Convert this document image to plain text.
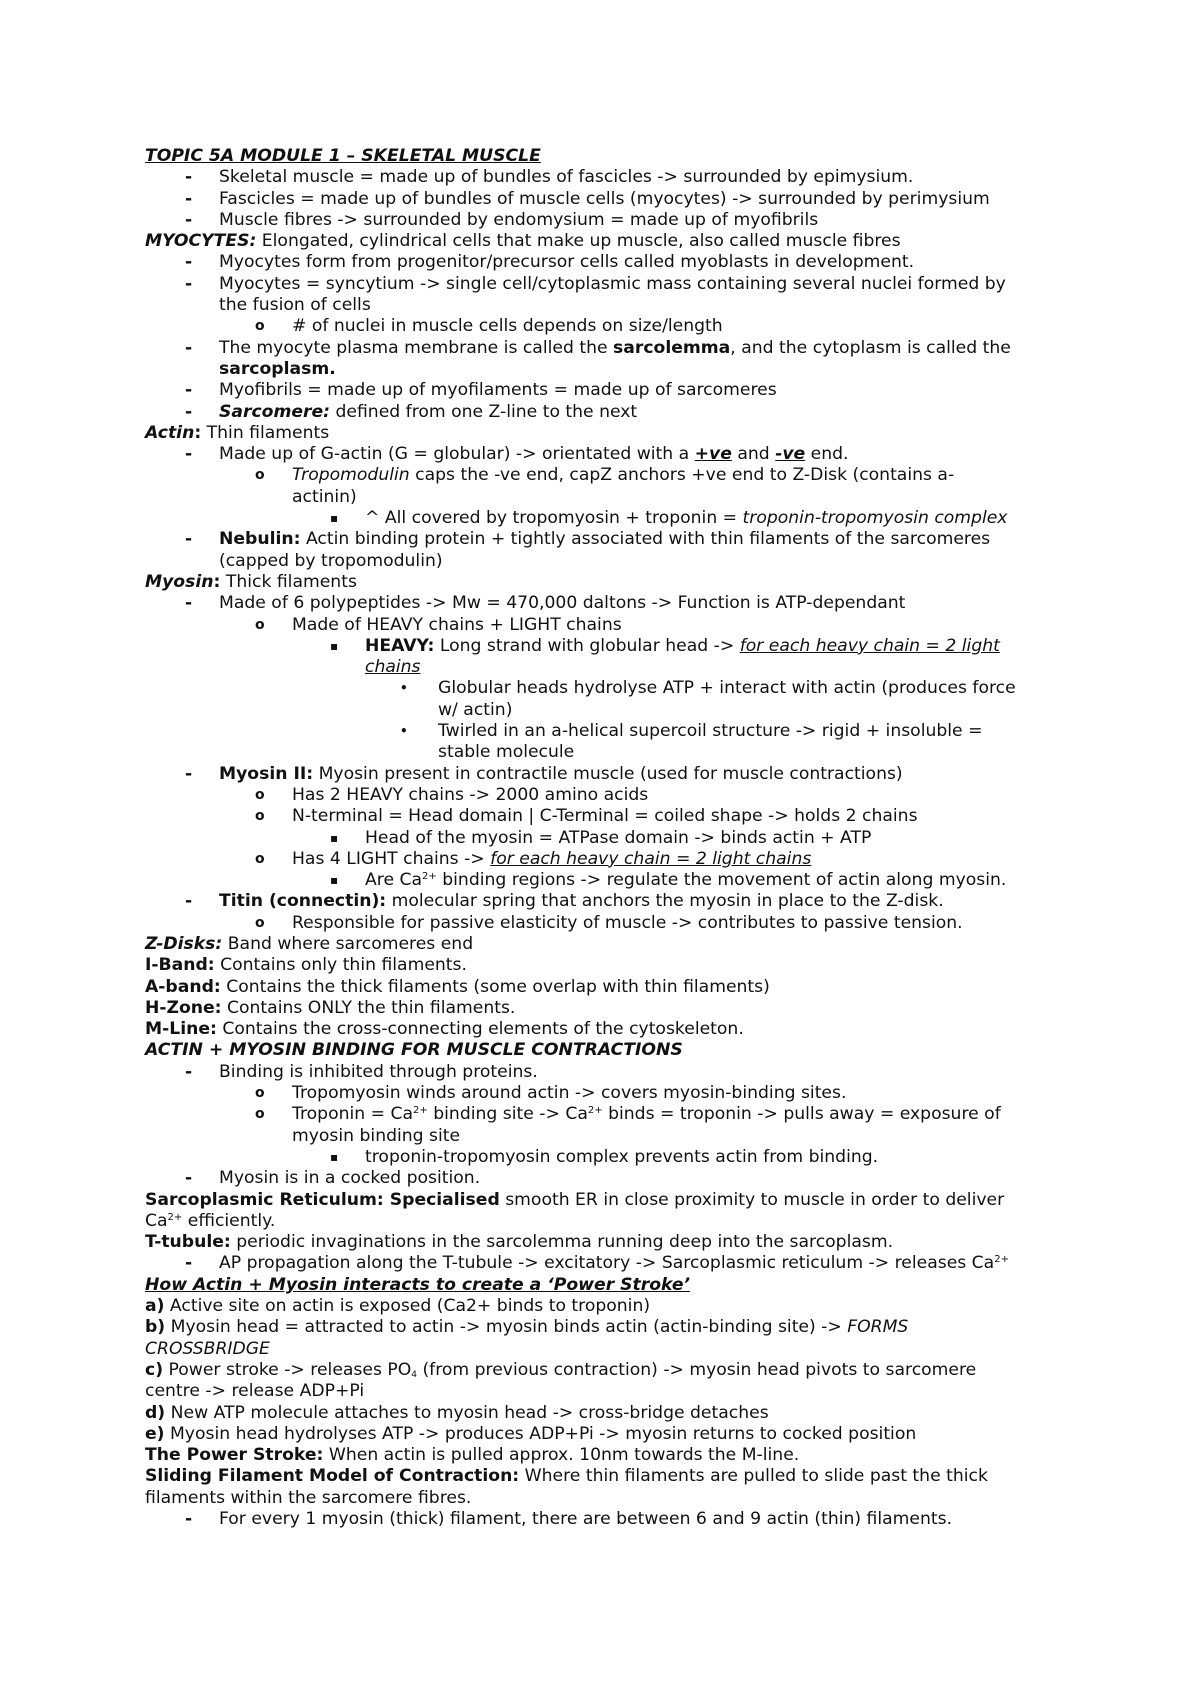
TOPIC 5A MODULE 1 – SKELETAL MUSCLE
- Skeletal muscle = made up of bundles of fascicles -> surrounded by epimysium.
- Fascicles = made up of bundles of muscle cells (myocytes) -> surrounded by perimysium
- Muscle fibres -> surrounded by endomysium = made up of myofibrils
MYOCYTES: Elongated, cylindrical cells that make up muscle, also called muscle fibres
- Myocytes form from progenitor/precursor cells called myoblasts in development.
- Myocytes = syncytium -> single cell/cytoplasmic mass containing several nuclei formed by
the fusion of cells
o # of nuclei in muscle cells depends on size/length
- The myocyte plasma membrane is called the sarcolemma, and the cytoplasm is called the
sarcoplasm.
- Myofibrils = made up of myofilaments = made up of sarcomeres
- Sarcomere: defined from one Z-line to the next
Actin: Thin filaments
- Made up of G-actin (G = globular) -> orientated with a +ve and -ve end.
o Tropomodulin caps the -ve end, capZ anchors +ve end to Z-Disk (contains a-
actinin)
▪ ^ All covered by tropomyosin + troponin = troponin-tropomyosin complex
- Nebulin: Actin binding protein + tightly associated with thin filaments of the sarcomeres
(capped by tropomodulin)
Myosin: Thick filaments
- Made of 6 polypeptides -> Mw = 470,000 daltons -> Function is ATP-dependant
o Made of HEAVY chains + LIGHT chains
▪ HEAVY: Long strand with globular head -> for each heavy chain = 2 light
chains
• Globular heads hydrolyse ATP + interact with actin (produces force
w/ actin)
• Twirled in an a-helical supercoil structure -> rigid + insoluble =
stable molecule
- Myosin II: Myosin present in contractile muscle (used for muscle contractions)
o Has 2 HEAVY chains -> 2000 amino acids
o N-terminal = Head domain | C-Terminal = coiled shape -> holds 2 chains
▪ Head of the myosin = ATPase domain -> binds actin + ATP
o Has 4 LIGHT chains -> for each heavy chain = 2 light chains
▪ Are $Ca^{2+}$ binding regions -> regulate the movement of actin along myosin.
- Titin (connectin): molecular spring that anchors the myosin in place to the Z-disk.
o Responsible for passive elasticity of muscle -> contributes to passive tension.
Z-Disks: Band where sarcomeres end
I-Band: Contains only thin filaments.
A-band: Contains the thick filaments (some overlap with thin filaments)
H-Zone: Contains ONLY the thin filaments.
M-Line: Contains the cross-connecting elements of the cytoskeleton.
ACTIN + MYOSIN BINDING FOR MUSCLE CONTRACTIONS
- Binding is inhibited through proteins.
o Tropomyosin winds around actin -> covers myosin-binding sites.
o Troponin = $Ca^{2+}$ binding site -> $Ca^{2+}$ binds = troponin -> pulls away = exposure of
myosin binding site
▪ troponin-tropomyosin complex prevents actin from binding.
- Myosin is in a cocked position.
Sarcoplasmic Reticulum: Specialised smooth ER in close proximity to muscle in order to deliver
$Ca^{2+}$ efficiently.
T-tubule: periodic invaginations in the sarcolemma running deep into the sarcoplasm.
- AP propagation along the T-tubule -> excitatory -> Sarcoplasmic reticulum -> releases $Ca^{2+}$
How Actin + Myosin interacts to create a ‘Power Stroke’
a) Active site on actin is exposed (Ca2+ binds to troponin)
b) Myosin head = attracted to actin -> myosin binds actin (actin-binding site) -> FORMS
CROSSBRIDGE
c) Power stroke -> releases $PO_4$ (from previous contraction) -> myosin head pivots to sarcomere
centre -> release ADP+Pi
d) New ATP molecule attaches to myosin head -> cross-bridge detaches
e) Myosin head hydrolyses ATP -> produces ADP+Pi -> myosin returns to cocked position
The Power Stroke: When actin is pulled approx. 10nm towards the M-line.
Sliding Filament Model of Contraction: Where thin filaments are pulled to slide past the thick
filaments within the sarcomere fibres.
- For every 1 myosin (thick) filament, there are between 6 and 9 actin (thin) filaments.
